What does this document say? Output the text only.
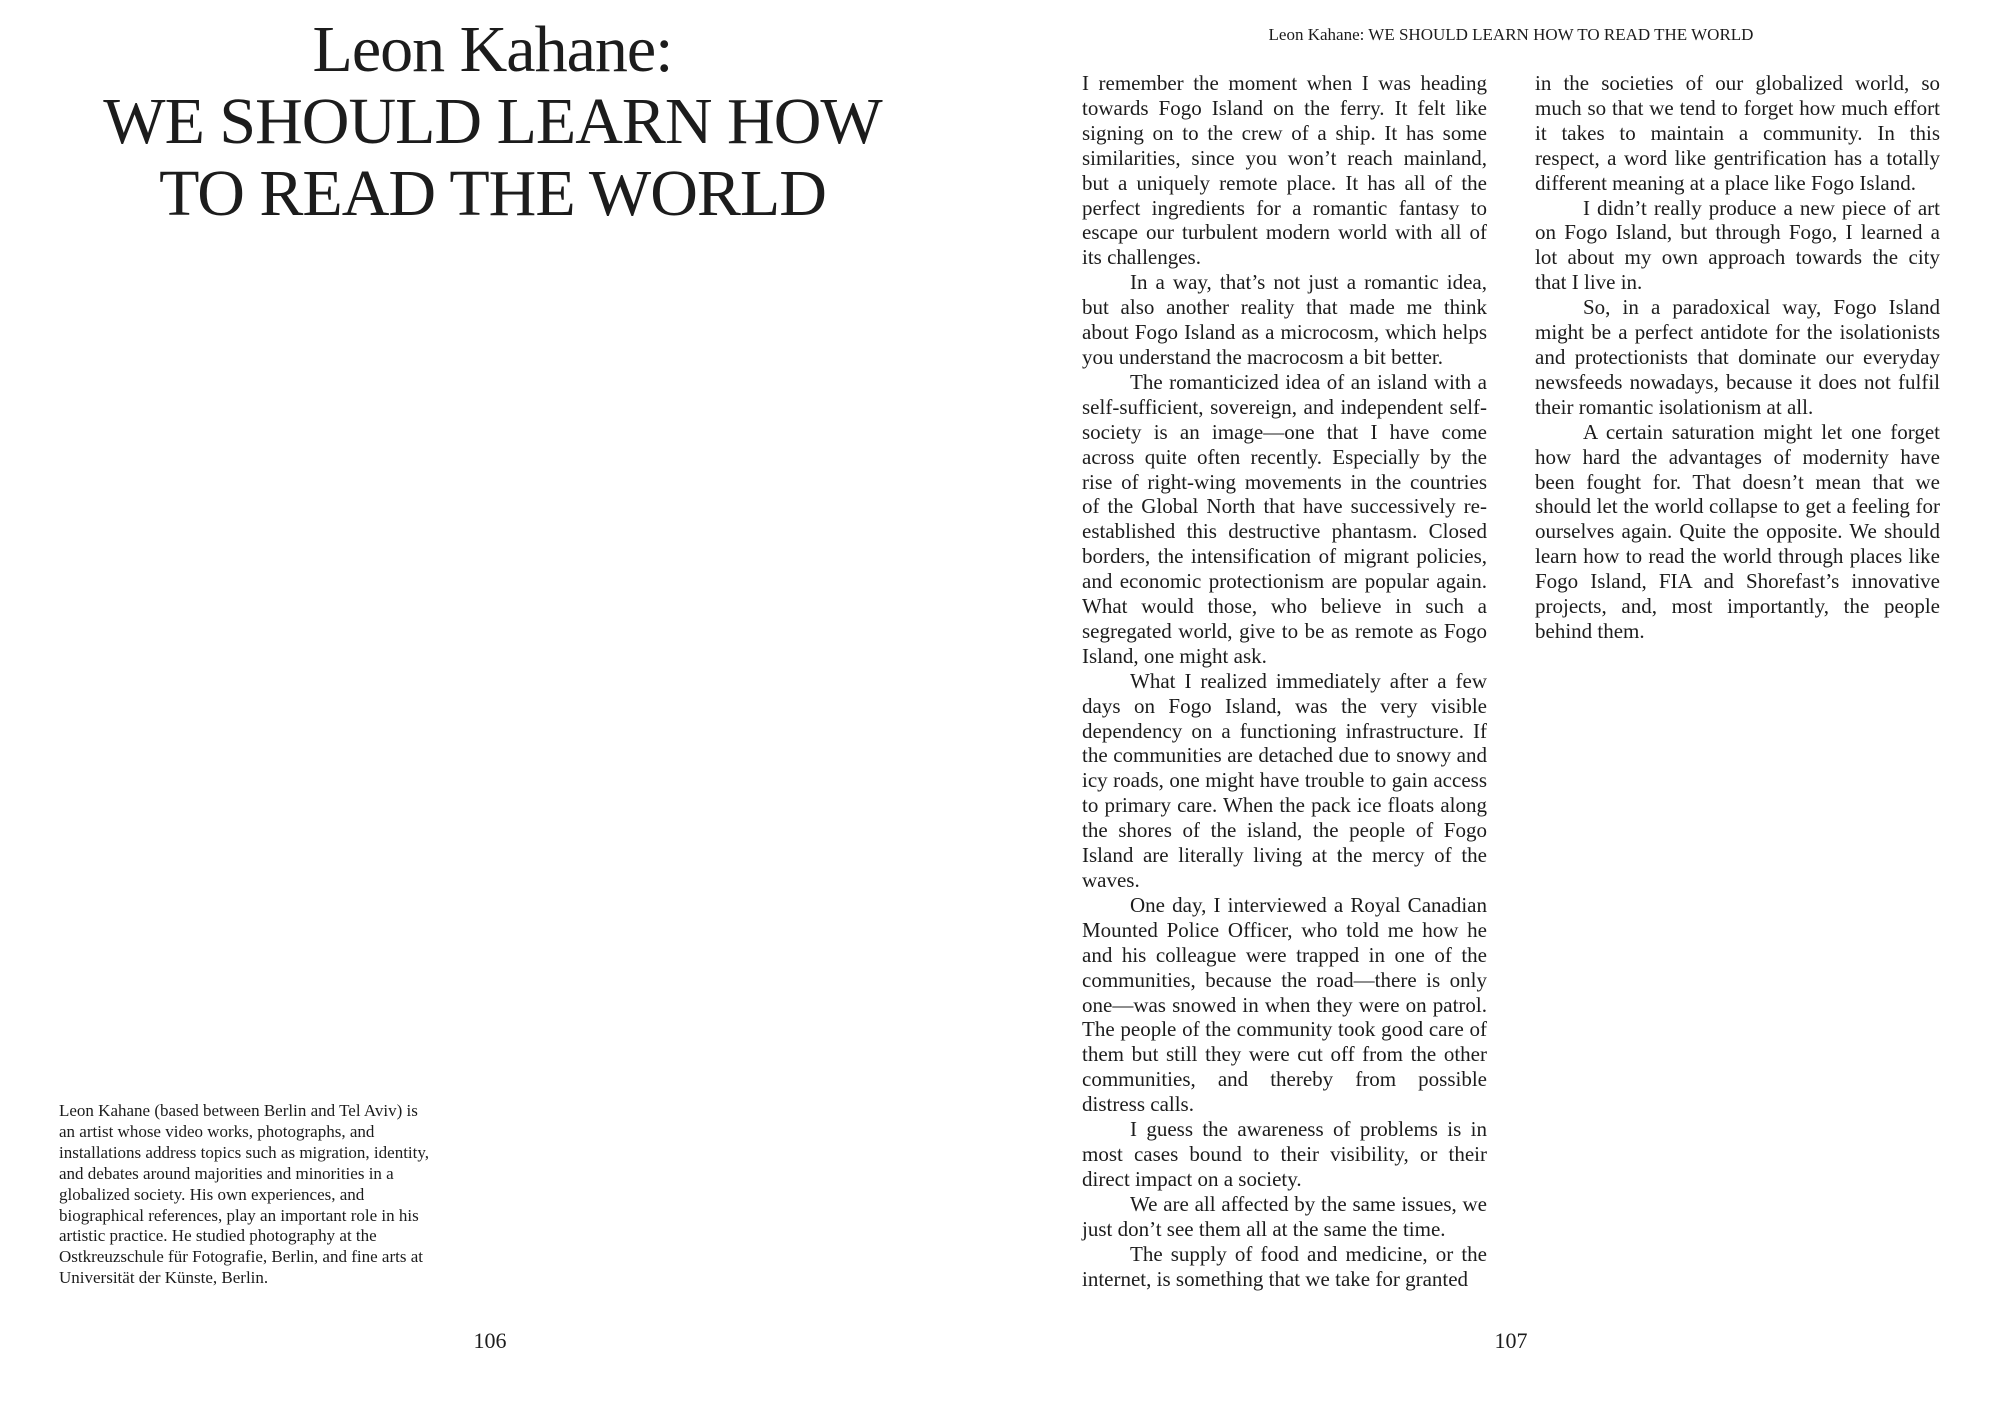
Leon Kahane:
WE SHOULD LEARN HOW
TO READ THE WORLD
Leon Kahane (based between Berlin and Tel Aviv) is an artist whose video works, photographs, and installations address topics such as migration, identity, and debates around majorities and minorities in a globalized society. His own experiences, and biographical references, play an important role in his artistic practice. He studied photography at the Ostkreuzschule für Fotografie, Berlin, and fine arts at Universität der Künste, Berlin.
106
Leon Kahane: WE SHOULD LEARN HOW TO READ THE WORLD

I remember the moment when I was heading towards Fogo Island on the ferry. It felt like signing on to the crew of a ship. It has some similarities, since you won’t reach mainland, but a uniquely remote place. It has all of the perfect ingredients for a romantic fantasy to escape our turbulent modern world with all of its challenges.

In a way, that’s not just a romantic idea, but also another reality that made me think about Fogo Island as a microcosm, which helps you understand the macrocosm a bit better.

The romanticized idea of an island with a self-sufficient, sovereign, and independent self-society is an image—one that I have come across quite often recently. Especially by the rise of right-wing movements in the countries of the Global North that have successively re-established this destructive phantasm. Closed borders, the intensification of migrant policies, and economic protectionism are popular again. What would those, who believe in such a segregated world, give to be as remote as Fogo Island, one might ask.

What I realized immediately after a few days on Fogo Island, was the very visible dependency on a functioning infrastructure. If the communities are detached due to snowy and icy roads, one might have trouble to gain access to primary care. When the pack ice floats along the shores of the island, the people of Fogo Island are literally living at the mercy of the waves.

One day, I interviewed a Royal Canadian Mounted Police Officer, who told me how he and his colleague were trapped in one of the communities, because the road—there is only one—was snowed in when they were on patrol. The people of the community took good care of them but still they were cut off from the other communities, and thereby from possible distress calls.

I guess the awareness of problems is in most cases bound to their visibility, or their direct impact on a society.

We are all affected by the same issues, we just don’t see them all at the same the time.

The supply of food and medicine, or the internet, is something that we take for granted

in the societies of our globalized world, so much so that we tend to forget how much effort it takes to maintain a community. In this respect, a word like gentrification has a totally different meaning at a place like Fogo Island.

I didn’t really produce a new piece of art on Fogo Island, but through Fogo, I learned a lot about my own approach towards the city that I live in.

So, in a paradoxical way, Fogo Island might be a perfect antidote for the isolationists and protectionists that dominate our everyday newsfeeds nowadays, because it does not fulfil their romantic isolationism at all.

A certain saturation might let one forget how hard the advantages of modernity have been fought for. That doesn’t mean that we should let the world collapse to get a feeling for ourselves again. Quite the opposite. We should learn how to read the world through places like Fogo Island, FIA and Shorefast’s innovative projects, and, most importantly, the people behind them.

107
